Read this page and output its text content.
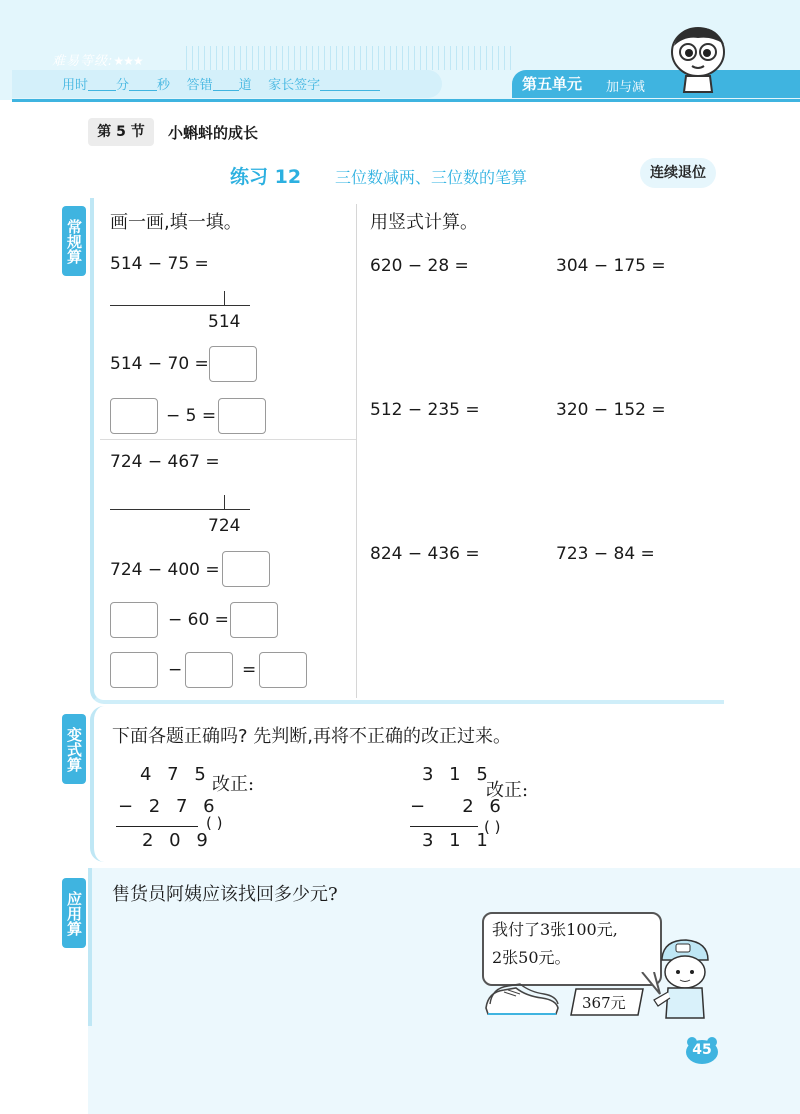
难易等级:★★★
用时 分 秒 答错 道 家长签字	第五单元 加与减
第 5 节	小蝌蚪的成长
练习 12 三位数减两、三位数的笔算	连续退位
常规算 画一画,填一填。	用竖式计算。
514 − 75 =
514
514 − 70 =
− 5 =
724 − 467 =
724
724 − 400 =
− 60 =
−	=
620 − 28 =	304 − 175 =
512 − 235 =	320 − 152 =
824 − 436 =	723 − 84 =
变式算 下面各题正确吗? 先判断,再将不正确的改正过来。
4 7 5
− 2 7 6
2 0 9
改正:
( )
3 1 5
−   2 6
3 1 1
改正:
( )
应用算 售货员阿姨应该找回多少元?
我付了3张100元,
2张50元。
367元
45
